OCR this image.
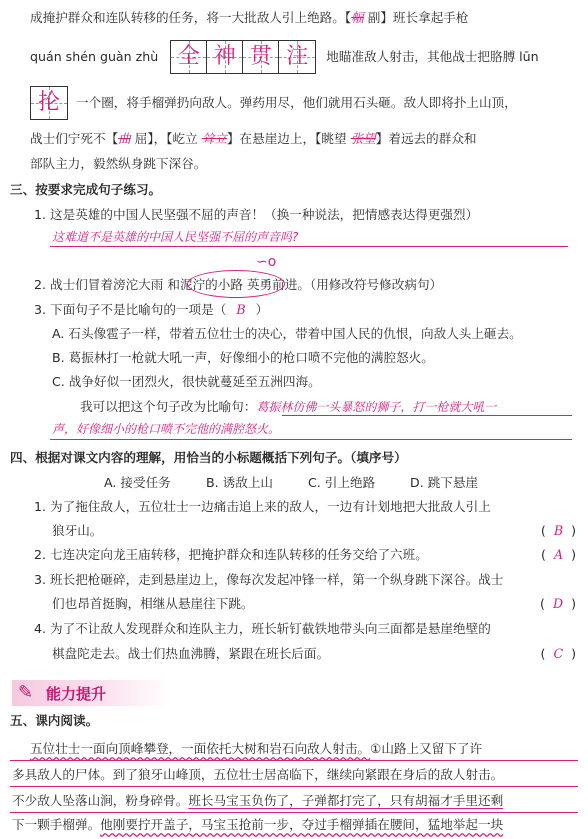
成掩护群众和连队转移的任务，将一大批敌人引上绝路。【幅 副】班长拿起手枪
quán shén guàn zhù 全 神 贯 注 地瞄准敌人射击，其他战士把胳膊 lūn
抡 一个圈，将手榴弹扔向敌人。弹药用尽，他们就用石头砸。敌人即将扑上山顶，
战士们宁死不【曲 屈】，【屹立 耸立】在悬崖边上，【眺望 张望】着远去的群众和
部队主力，毅然纵身跳下深谷。
三、按要求完成句子练习。
1. 这是英雄的中国人民坚强不屈的声音！（换一种说法，把情感表达得更强烈）
这难道不是英雄的中国人民坚强不屈的声音吗?
2. 战士们冒着滂沱大雨 和泥泞的小路 英勇前进。（用修改符号修改病句）
∽o
3. 下面句子不是比喻句的一项是（ B ）
A. 石头像雹子一样，带着五位壮士的决心，带着中国人民的仇恨，向敌人头上砸去。
B. 葛振林打一枪就大吼一声，好像细小的枪口喷不完他的满腔怒火。
C. 战争好似一团烈火，很快就蔓延至五洲四海。
我可以把这个句子改为比喻句：葛振林仿佛一头暴怒的狮子，打一枪就大吼一
声，好像细小的枪口喷不完他的满腔怒火。
四、根据对课文内容的理解，用恰当的小标题概括下列句子。（填序号）
A. 接受任务	B. 诱敌上山	C. 引上绝路	D. 跳下悬崖
1. 为了拖住敌人，五位壮士一边痛击追上来的敌人，一边有计划地把大批敌人引上
狼牙山。	(  B  )
2. 七连决定向龙王庙转移，把掩护群众和连队转移的任务交给了六班。	(  A  )
3. 班长把枪砸碎，走到悬崖边上，像每次发起冲锋一样，第一个纵身跳下深谷。战士
们也昂首挺胸，相继从悬崖往下跳。	(  D  )
4. 为了不让敌人发现群众和连队主力，班长斩钉截铁地带头向三面都是悬崖绝壁的
棋盘陀走去。战士们热血沸腾，紧跟在班长后面。	(  C  )
✎ 能力提升
五、课内阅读。
五位壮士一面向顶峰攀登，一面依托大树和岩石向敌人射击。①山路上又留下了许
多具敌人的尸体。到了狼牙山峰顶，五位壮士居高临下，继续向紧跟在身后的敌人射击。
不少敌人坠落山涧，粉身碎骨。班长马宝玉负伤了，子弹都打完了，只有胡福才手里还剩
下一颗手榴弹。他刚要拧开盖子，马宝玉抢前一步，夺过手榴弹插在腰间，猛地举起一块
